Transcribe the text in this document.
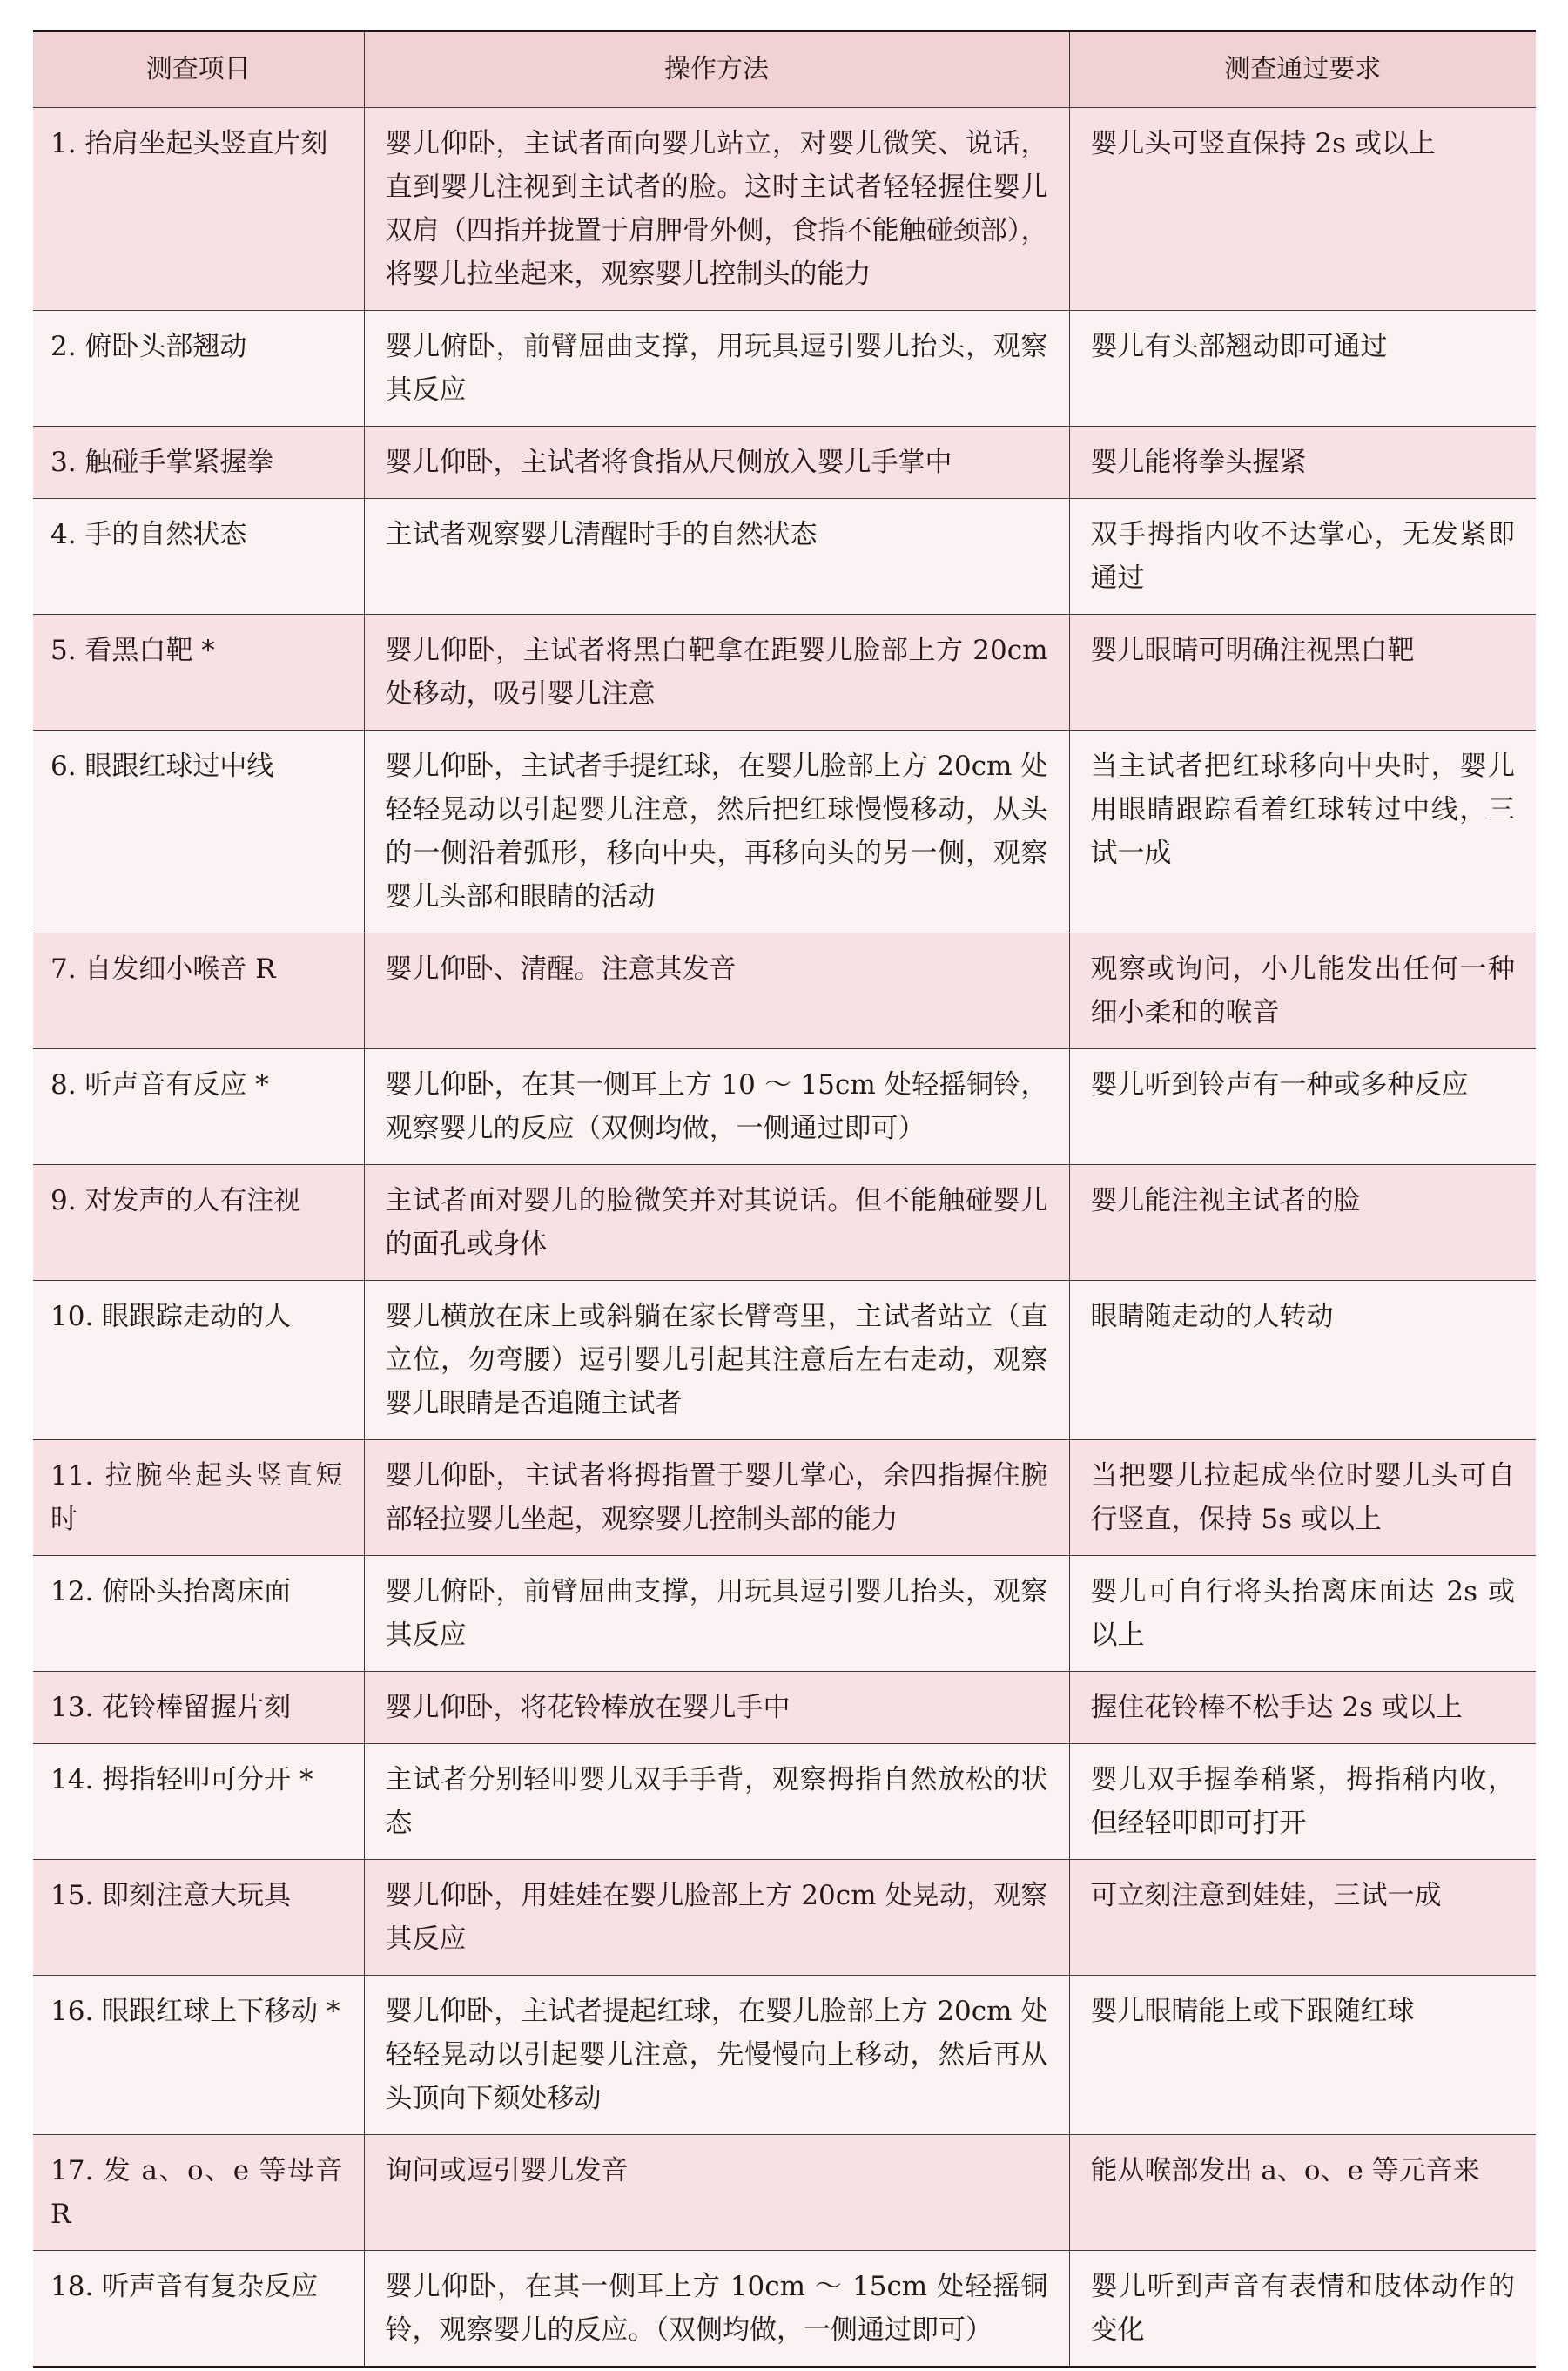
测查项目	操作方法	测查通过要求
1. 抬肩坐起头竖直片刻	婴儿仰卧，主试者面向婴儿站立，对婴儿微笑、说话，直到婴儿注视到主试者的脸。这时主试者轻轻握住婴儿双肩（四指并拢置于肩胛骨外侧，食指不能触碰颈部），将婴儿拉坐起来，观察婴儿控制头的能力	婴儿头可竖直保持 2s 或以上
2. 俯卧头部翘动	婴儿俯卧，前臂屈曲支撑，用玩具逗引婴儿抬头，观察其反应	婴儿有头部翘动即可通过
3. 触碰手掌紧握拳	婴儿仰卧，主试者将食指从尺侧放入婴儿手掌中	婴儿能将拳头握紧
4. 手的自然状态	主试者观察婴儿清醒时手的自然状态	双手拇指内收不达掌心，无发紧即通过
5. 看黑白靶 *	婴儿仰卧，主试者将黑白靶拿在距婴儿脸部上方 20cm 处移动，吸引婴儿注意	婴儿眼睛可明确注视黑白靶
6. 眼跟红球过中线	婴儿仰卧，主试者手提红球，在婴儿脸部上方 20cm 处轻轻晃动以引起婴儿注意，然后把红球慢慢移动，从头的一侧沿着弧形，移向中央，再移向头的另一侧，观察婴儿头部和眼睛的活动	当主试者把红球移向中央时，婴儿用眼睛跟踪看着红球转过中线，三试一成
7. 自发细小喉音 R	婴儿仰卧、清醒。注意其发音	观察或询问，小儿能发出任何一种细小柔和的喉音
8. 听声音有反应 *	婴儿仰卧，在其一侧耳上方 10 ～ 15cm 处轻摇铜铃，观察婴儿的反应（双侧均做，一侧通过即可）	婴儿听到铃声有一种或多种反应
9. 对发声的人有注视	主试者面对婴儿的脸微笑并对其说话。但不能触碰婴儿的面孔或身体	婴儿能注视主试者的脸
10. 眼跟踪走动的人	婴儿横放在床上或斜躺在家长臂弯里，主试者站立（直立位，勿弯腰）逗引婴儿引起其注意后左右走动，观察婴儿眼睛是否追随主试者	眼睛随走动的人转动
11. 拉腕坐起头竖直短时	婴儿仰卧，主试者将拇指置于婴儿掌心，余四指握住腕部轻拉婴儿坐起，观察婴儿控制头部的能力	当把婴儿拉起成坐位时婴儿头可自行竖直，保持 5s 或以上
12. 俯卧头抬离床面	婴儿俯卧，前臂屈曲支撑，用玩具逗引婴儿抬头，观察其反应	婴儿可自行将头抬离床面达 2s 或以上
13. 花铃棒留握片刻	婴儿仰卧，将花铃棒放在婴儿手中	握住花铃棒不松手达 2s 或以上
14. 拇指轻叩可分开 *	主试者分别轻叩婴儿双手手背，观察拇指自然放松的状态	婴儿双手握拳稍紧，拇指稍内收，但经轻叩即可打开
15. 即刻注意大玩具	婴儿仰卧，用娃娃在婴儿脸部上方 20cm 处晃动，观察其反应	可立刻注意到娃娃，三试一成
16. 眼跟红球上下移动 *	婴儿仰卧，主试者提起红球，在婴儿脸部上方 20cm 处轻轻晃动以引起婴儿注意，先慢慢向上移动，然后再从头顶向下颏处移动	婴儿眼睛能上或下跟随红球
17. 发 a、o、e 等母音 R	询问或逗引婴儿发音	能从喉部发出 a、o、e 等元音来
18. 听声音有复杂反应	婴儿仰卧，在其一侧耳上方 10cm ～ 15cm 处轻摇铜铃，观察婴儿的反应。（双侧均做，一侧通过即可）	婴儿听到声音有表情和肢体动作的变化
